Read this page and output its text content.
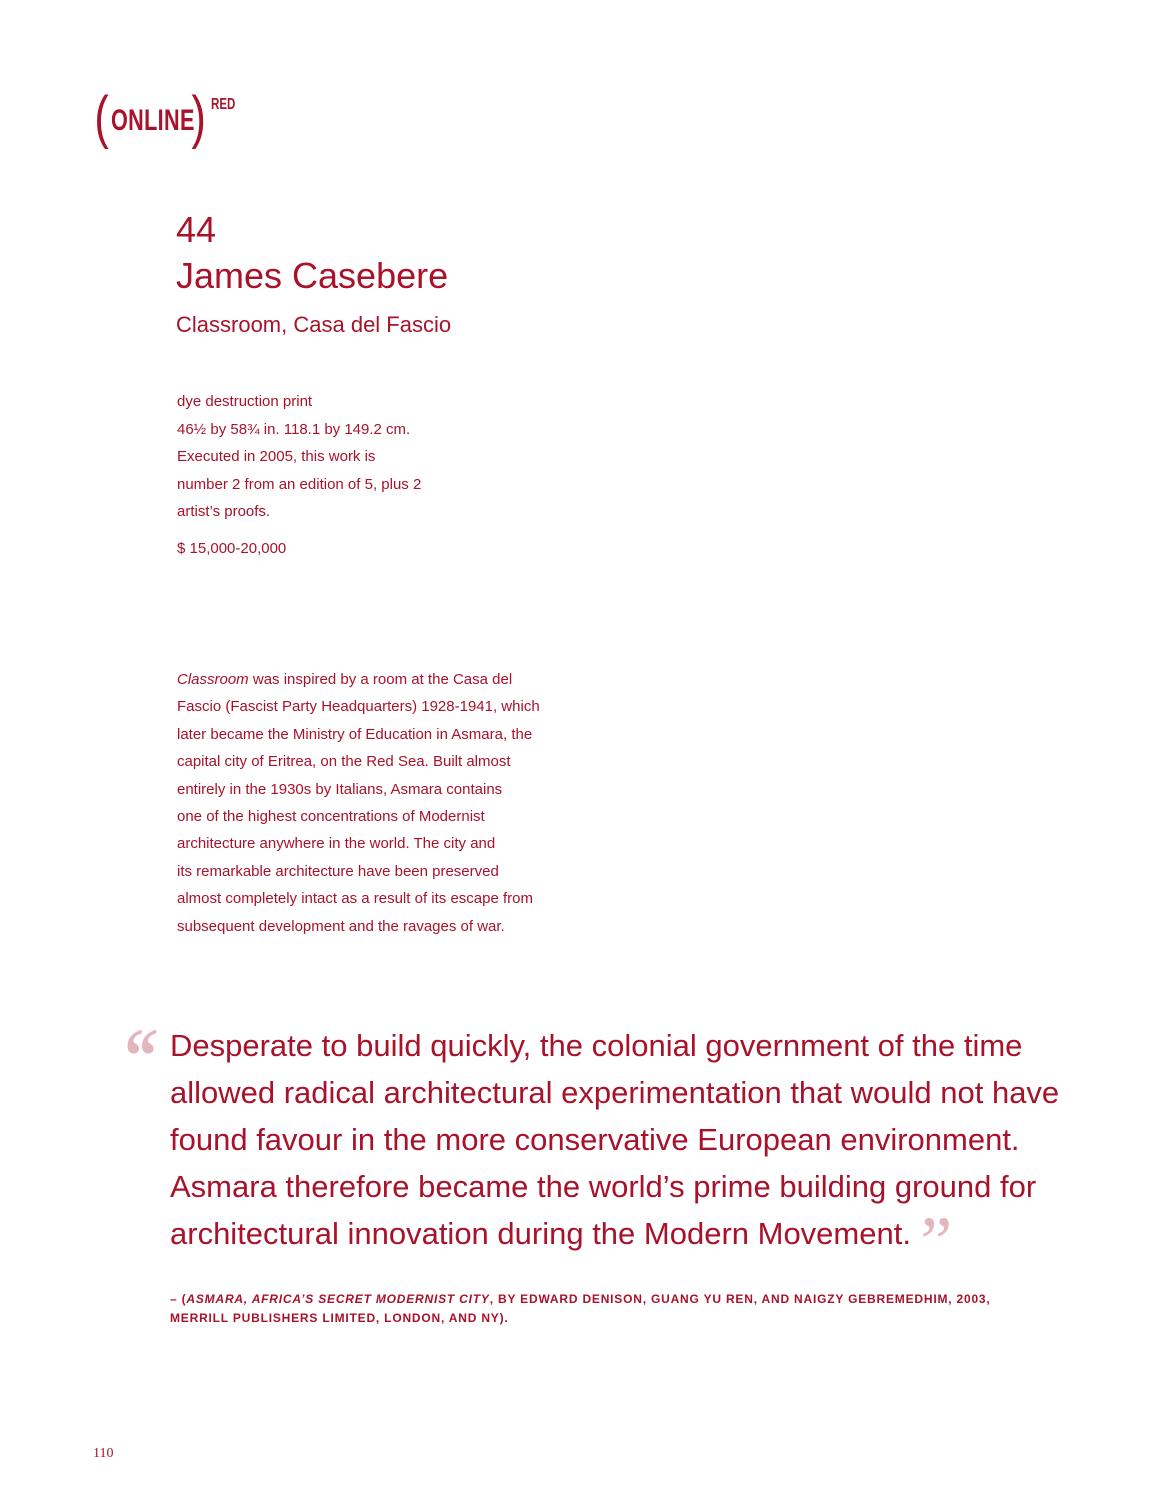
( ONLINE
) RED
44
James Casebere
Classroom, Casa del Fascio
dye destruction print
46½ by 58¾ in. 118.1 by 149.2 cm.
Executed in 2005, this work is
number 2 from an edition of 5, plus 2
artist’s proofs.
$ 15,000-20,000
Classroom was inspired by a room at the Casa del
Fascio (Fascist Party Headquarters) 1928-1941, which
later became the Ministry of Education in Asmara, the
capital city of Eritrea, on the Red Sea. Built almost
entirely in the 1930s by Italians, Asmara contains
one of the highest concentrations of Modernist
architecture anywhere in the world. The city and
its remarkable architecture have been preserved
almost completely intact as a result of its escape from
subsequent development and the ravages of war.
‘‘ Desperate to build quickly, the colonial government of the time
allowed radical architectural experimentation that would not have
found favour in the more conservative European environment.
Asmara therefore became the world’s prime building ground for
architectural innovation during the Modern Movement.’’
– (ASMARA, AFRICA’S SECRET MODERNIST CITY, BY EDWARD DENISON, GUANG YU REN, AND NAIGZY GEBREMEDHIM, 2003,
MERRILL PUBLISHERS LIMITED, LONDON, AND NY).
110
